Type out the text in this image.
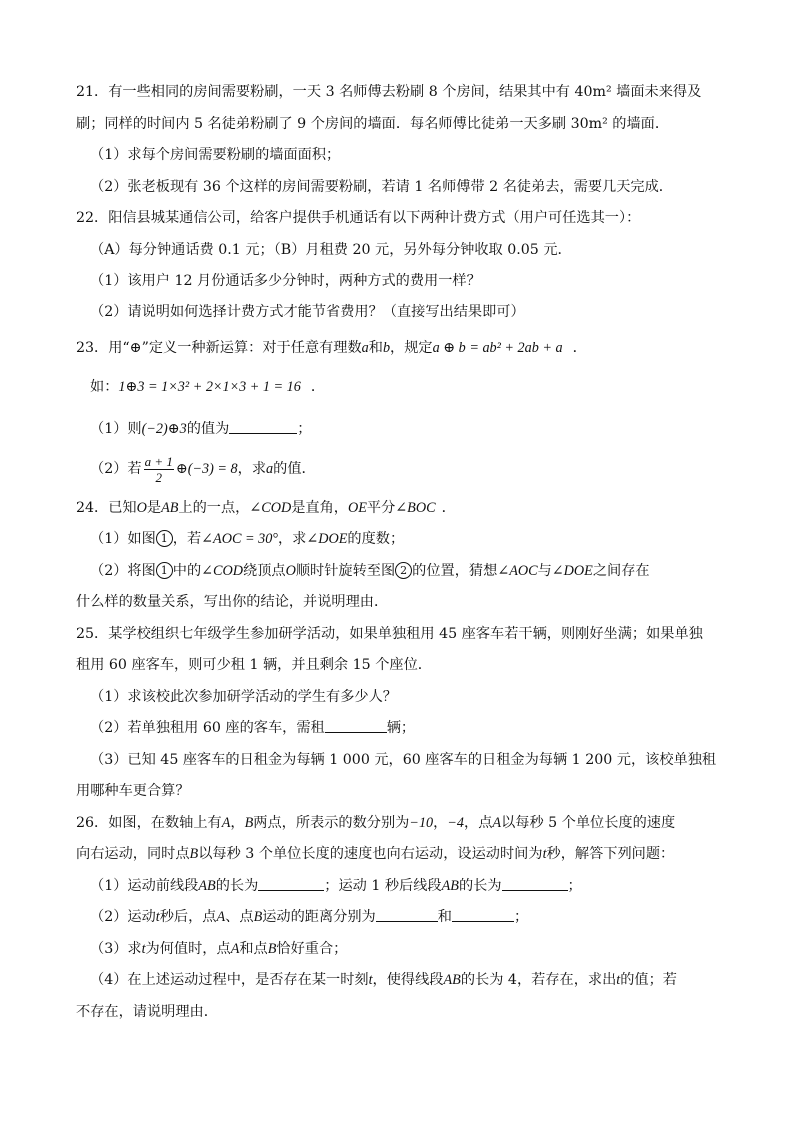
21．有一些相同的房间需要粉刷，一天 3 名师傅去粉刷 8 个房间，结果其中有 40m² 墙面未来得及
刷；同样的时间内 5 名徒弟粉刷了 9 个房间的墙面．每名师傅比徒弟一天多刷 30m² 的墙面．
（1）求每个房间需要粉刷的墙面面积；
（2）张老板现有 36 个这样的房间需要粉刷，若请 1 名师傅带 2 名徒弟去，需要几天完成．
22．阳信县城某通信公司，给客户提供手机通话有以下两种计费方式（用户可任选其一）：
（A）每分钟通话费 0.1 元；（B）月租费 20 元，另外每分钟收取 0.05 元．
（1）该用户 12 月份通话多少分钟时，两种方式的费用一样？
（2）请说明如何选择计费方式才能节省费用？（直接写出结果即可）
23．用“⊕”定义一种新运算：对于任意有理数a和b，规定a ⊕ b = ab² + 2ab + a ．
如：1⊕3 = 1×3² + 2×1×3 + 1 = 16 ．
（1）则(−2)⊕3的值为	；
（2）若 $\frac{a + 1}{2}$ ⊕(−3) = 8，求a的值．
24．已知O是AB上的一点，∠COD是直角，OE平分∠BOC ．
（1）如图 1 ，若∠AOC = 30°，求∠DOE的度数；
（2）将图 1 中的∠COD绕顶点O顺时针旋转至图 2 的位置，猜想∠AOC与∠DOE之间存在
什么样的数量关系，写出你的结论，并说明理由．
25．某学校组织七年级学生参加研学活动，如果单独租用 45 座客车若干辆，则刚好坐满；如果单独
租用 60 座客车，则可少租 1 辆，并且剩余 15 个座位．
（1）求该校此次参加研学活动的学生有多少人？
（2）若单独租用 60 座的客车，需租	辆；
（3）已知 45 座客车的日租金为每辆 1 000 元，60 座客车的日租金为每辆 1 200 元，该校单独租
用哪种车更合算？
26．如图，在数轴上有A，B两点，所表示的数分别为−10，−4，点A以每秒 5 个单位长度的速度
向右运动，同时点B以每秒 3 个单位长度的速度也向右运动，设运动时间为t秒，解答下列问题：
（1）运动前线段AB的长为	；运动 1 秒后线段AB的长为	；
（2）运动t秒后，点A、点B运动的距离分别为	和	；
（3）求t为何值时，点A和点B恰好重合；
（4）在上述运动过程中，是否存在某一时刻t，使得线段AB的长为 4，若存在，求出t的值；若
不存在，请说明理由．
